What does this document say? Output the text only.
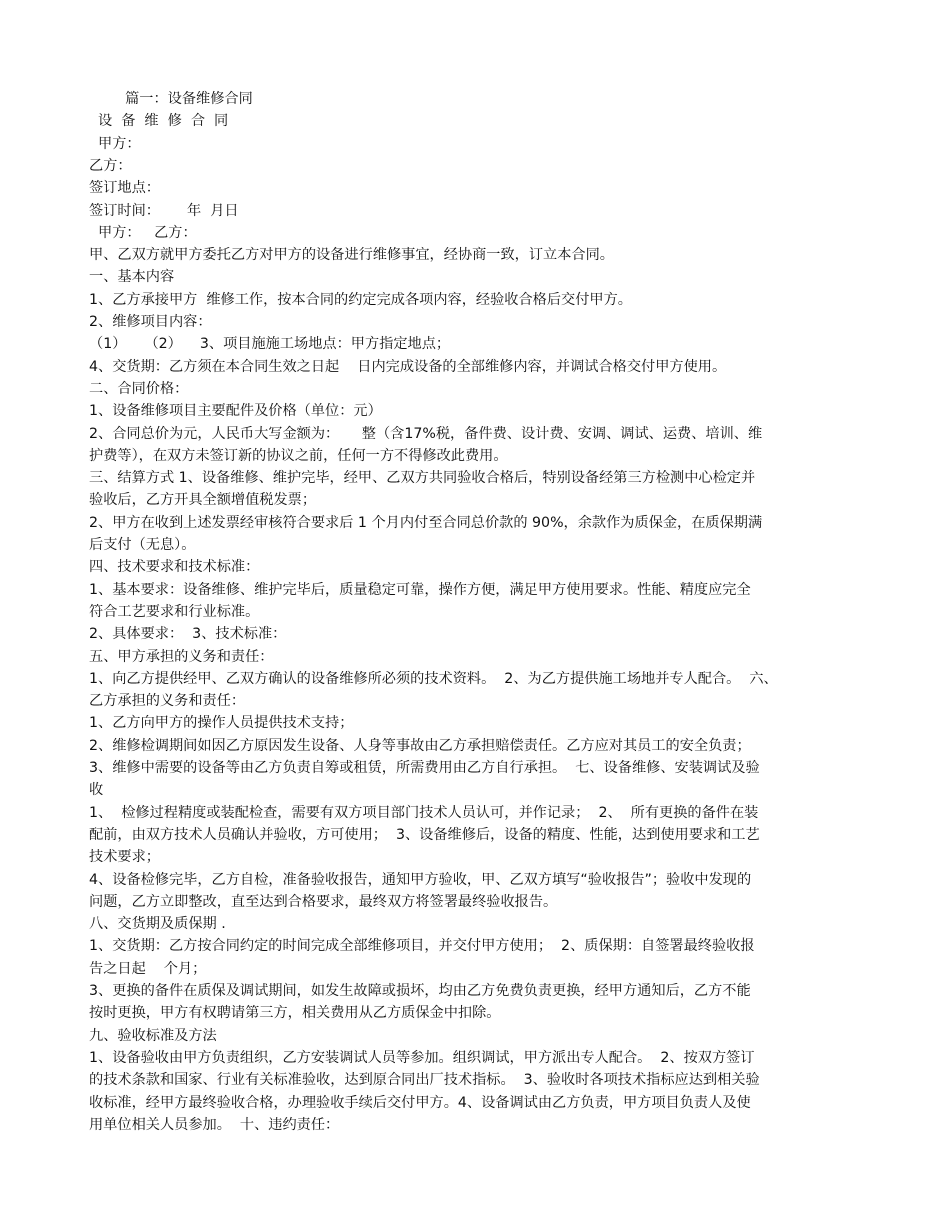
篇一：设备维修合同
设  备  维  修  合  同
甲方：
乙方：
签订地点：
签订时间：      年  月日
甲方：   乙方：
甲、乙双方就甲方委托乙方对甲方的设备进行维修事宜，经协商一致，订立本合同。
一、基本内容
1、乙方承接甲方  维修工作，按本合同的约定完成各项内容，经验收合格后交付甲方。
2、维修项目内容：
（1）    （2）    3、项目施施工场地点：甲方指定地点；
4、交货期：乙方须在本合同生效之日起    日内完成设备的全部维修内容，并调试合格交付甲方使用。
二、合同价格：
1、设备维修项目主要配件及价格（单位：元）
2、合同总价为元，人民币大写金额为：     整（含17%税，备件费、设计费、安调、调试、运费、培训、维
护费等），在双方未签订新的协议之前，任何一方不得修改此费用。
三、结算方式 1、设备维修、维护完毕，经甲、乙双方共同验收合格后，特别设备经第三方检测中心检定并
验收后，乙方开具全额增值税发票；
2、甲方在收到上述发票经审核符合要求后 1 个月内付至合同总价款的 90%，余款作为质保金，在质保期满
后支付（无息）。
四、技术要求和技术标准：
1、基本要求：设备维修、维护完毕后，质量稳定可靠，操作方便，满足甲方使用要求。性能、精度应完全
符合工艺要求和行业标准。
2、具体要求：  3、技术标准：
五、甲方承担的义务和责任：
1、向乙方提供经甲、乙双方确认的设备维修所必须的技术资料。  2、为乙方提供施工场地并专人配合。  六、
乙方承担的义务和责任：
1、乙方向甲方的操作人员提供技术支持；
2、维修检调期间如因乙方原因发生设备、人身等事故由乙方承担赔偿责任。乙方应对其员工的安全负责；
3、维修中需要的设备等由乙方负责自筹或租赁，所需费用由乙方自行承担。  七、设备维修、安装调试及验
收
1、  检修过程精度或装配检查，需要有双方项目部门技术人员认可，并作记录；  2、  所有更换的备件在装
配前，由双方技术人员确认并验收，方可使用；  3、设备维修后，设备的精度、性能，达到使用要求和工艺
技术要求；
4、设备检修完毕，乙方自检，准备验收报告，通知甲方验收，甲、乙双方填写“验收报告”；验收中发现的
问题，乙方立即整改，直至达到合格要求，最终双方将签署最终验收报告。
八、交货期及质保期 .
1、交货期：乙方按合同约定的时间完成全部维修项目，并交付甲方使用；  2、质保期：自签署最终验收报
告之日起    个月；
3、更换的备件在质保及调试期间，如发生故障或损坏，均由乙方免费负责更换，经甲方通知后，乙方不能
按时更换，甲方有权聘请第三方，相关费用从乙方质保金中扣除。
九、验收标准及方法
1、设备验收由甲方负责组织，乙方安装调试人员等参加。组织调试，甲方派出专人配合。  2、按双方签订
的技术条款和国家、行业有关标准验收，达到原合同出厂技术指标。  3、验收时各项技术指标应达到相关验
收标准，经甲方最终验收合格，办理验收手续后交付甲方。4、设备调试由乙方负责，甲方项目负责人及使
用单位相关人员参加。  十、违约责任：
